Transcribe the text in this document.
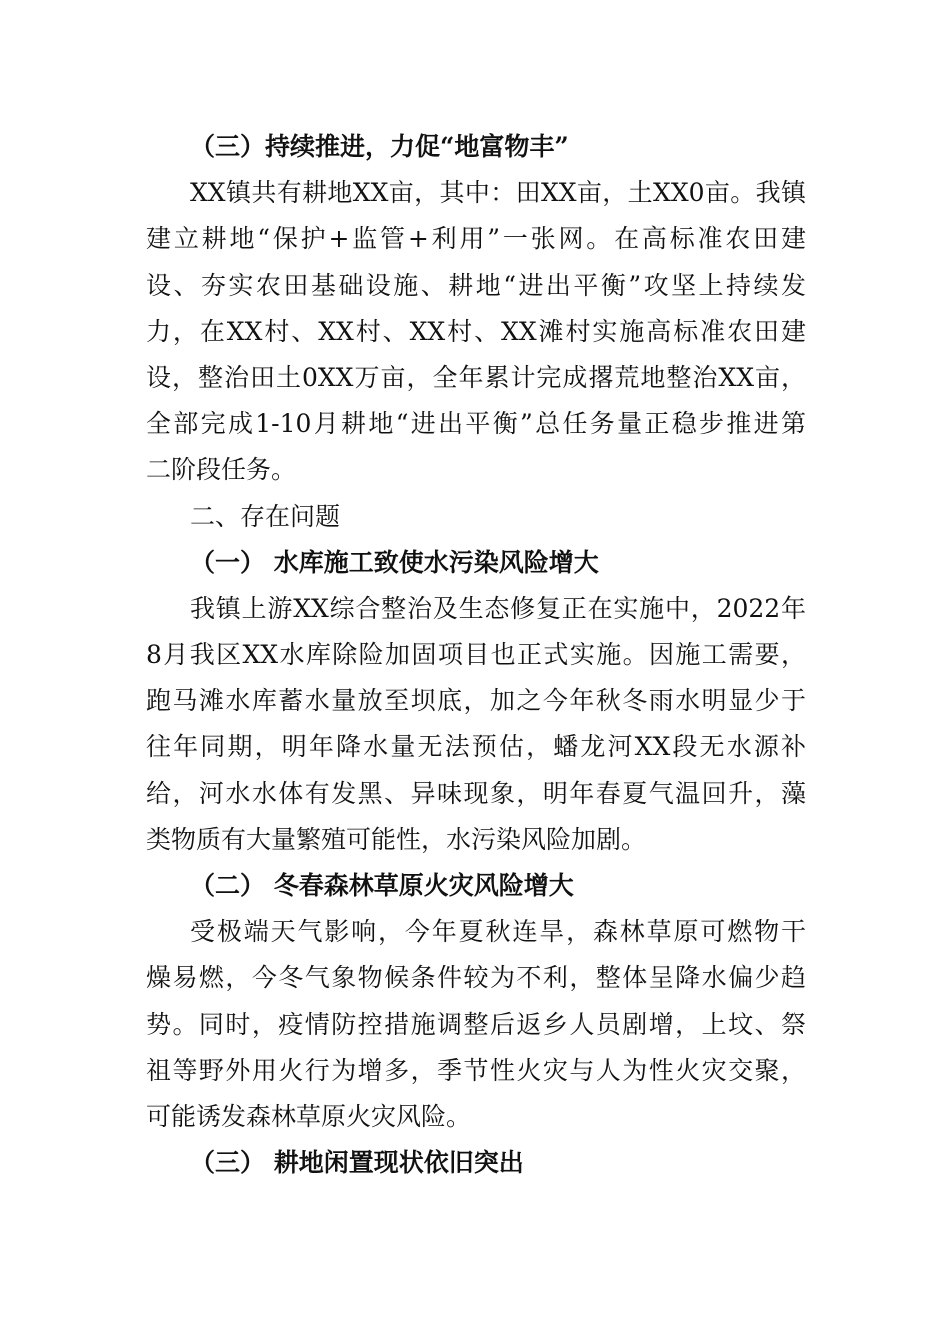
（三）持续推进，力促“地富物丰”
XX镇共有耕地XX亩，其中：田XX亩，土XX0亩。我镇
建立耕地“保护+监管+利用”一张网。在高标准农田建
设、夯实农田基础设施、耕地“进出平衡”攻坚上持续发
力，在XX村、XX村、XX村、XX滩村实施高标准农田建
设，整治田土0XX万亩，全年累计完成撂荒地整治XX亩，
全部完成1-10月耕地“进出平衡”总任务量正稳步推进第
二阶段任务。
二、存在问题
（一） 水库施工致使水污染风险增大
我镇上游XX综合整治及生态修复正在实施中，2022年
8月我区XX水库除险加固项目也正式实施。因施工需要，
跑马滩水库蓄水量放至坝底，加之今年秋冬雨水明显少于
往年同期，明年降水量无法预估，蟠龙河XX段无水源补
给，河水水体有发黑、异味现象，明年春夏气温回升，藻
类物质有大量繁殖可能性，水污染风险加剧。
（二） 冬春森林草原火灾风险增大
受极端天气影响，今年夏秋连旱，森林草原可燃物干
燥易燃，今冬气象物候条件较为不利，整体呈降水偏少趋
势。同时，疫情防控措施调整后返乡人员剧增，上坟、祭
祖等野外用火行为增多，季节性火灾与人为性火灾交聚，
可能诱发森林草原火灾风险。
（三） 耕地闲置现状依旧突出
